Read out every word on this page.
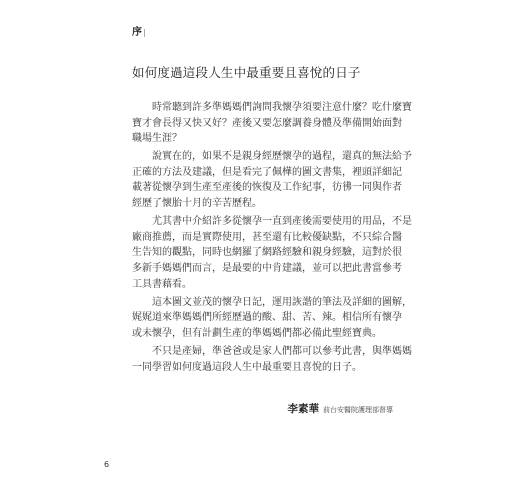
序|
如何度過這段人生中最重要且喜悅的日子
時常聽到許多準媽媽們詢問我懷孕須要注意什麼？吃什麼寶
寶才會長得又快又好？產後又要怎麼調養身體及準備開始面對
職場生涯？
說實在的，如果不是親身經歷懷孕的過程，還真的無法給予
正確的方法及建議，但是看完了佩樺的圖文書集，裡頭詳細記
載著從懷孕到生產至產後的恢復及工作紀事，彷彿一同與作者
經歷了懷胎十月的辛苦歷程。
尤其書中介紹許多從懷孕一直到產後需要使用的用品，不是
廠商推薦，而是實際使用，甚至還有比較優缺點，不只綜合醫
生告知的觀點，同時也網羅了網路經驗和親身經驗，這對於很
多新手媽媽們而言，是最要的中肯建議，並可以把此書當參考
工具書藉看。
這本圖文並茂的懷孕日記，運用詼諧的筆法及詳細的圖解，
娓娓道來準媽媽們所經歷過的酸、甜、苦、辣。相信所有懷孕
或未懷孕，但有計劃生產的準媽媽們都必備此聖經寶典。
不只是產婦，準爸爸或是家人們都可以參考此書，與準媽媽
一同學習如何度過這段人生中最重要且喜悅的日子。
李素華 前台安醫院護理部督導
6
